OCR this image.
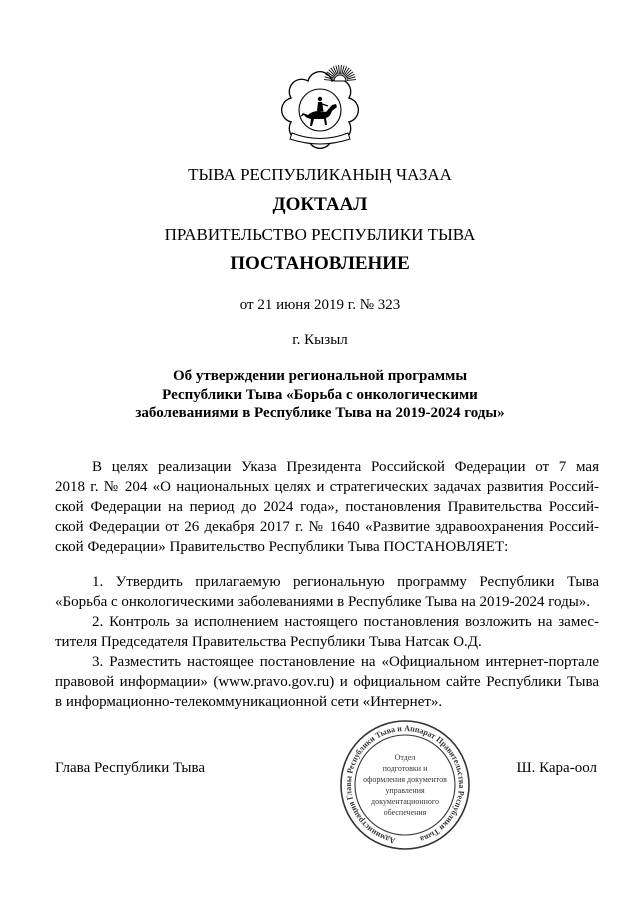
ТЫВА РЕСПУБЛИКАНЫҢ ЧАЗАА
ДОКТААЛ
ПРАВИТЕЛЬСТВО РЕСПУБЛИКИ ТЫВА
ПОСТАНОВЛЕНИЕ
от 21 июня 2019 г. № 323
г. Кызыл
Об утверждении региональной программы
Республики Тыва «Борьба с онкологическими
заболеваниями в Республике Тыва на 2019-2024 годы»
В целях реализации Указа Президента Российской Федерации от 7 мая
2018 г. № 204 «О национальных целях и стратегических задачах развития Россий-
ской Федерации на период до 2024 года», постановления Правительства Россий-
ской Федерации от 26 декабря 2017 г. № 1640 «Развитие здравоохранения Россий-
ской Федерации» Правительство Республики Тыва ПОСТАНОВЛЯЕТ:
1. Утвердить прилагаемую региональную программу Республики Тыва
«Борьба с онкологическими заболеваниями в Республике Тыва на 2019-2024 годы».
2. Контроль за исполнением настоящего постановления возложить на замес-
тителя Председателя Правительства Республики Тыва Натсак О.Д.
3. Разместить настоящее постановление на «Официальном интернет-портале
правовой информации» (www.pravo.gov.ru) и официальном сайте Республики Тыва
в информационно-телекоммуникационной сети «Интернет».
Глава Республики Тыва	Ш. Кара-оол
Администрация Главы Республики Тыва и Аппарат Правительства Республики Тыва
Отдел
подготовки и
оформления документов
управления
документационного
обеспечения
